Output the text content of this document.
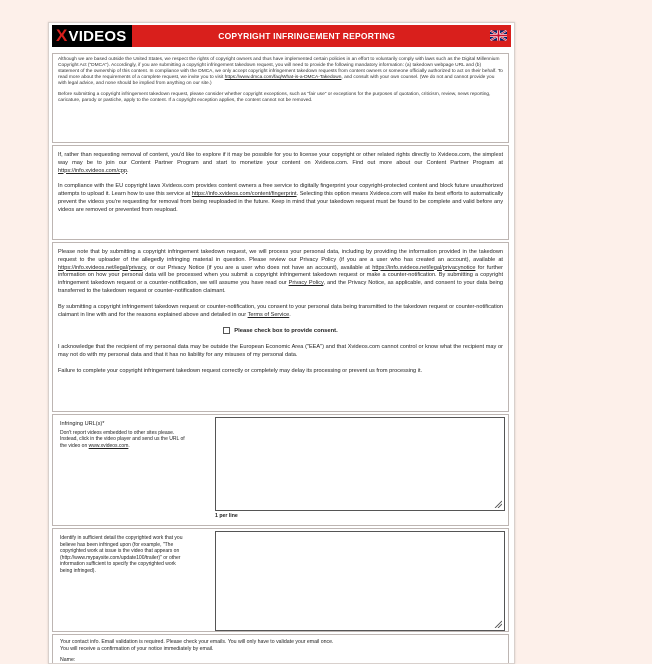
X VIDEOS	COPYRIGHT INFRINGEMENT REPORTING

Although we are based outside the United States, we respect the rights of copyright owners and thus have implemented certain policies in an effort to voluntarily comply with laws such as the Digital Millennium Copyright Act ("DMCA"). Accordingly, if you are submitting a copyright infringement takedown request, you will need to provide the following mandatory information: (a) takedown webpage URL and (b) statement of the ownership of this content. In compliance with the DMCA, we only accept copyright infringement takedown requests from content owners or someone officially authorized to act on their behalf. To read more about the requirements of a complete request, we invite you to visit https://www.dmca.com/faq/What-is-a-DMCA-Takedown, and consult with your own counsel. (We do not and cannot provide you with legal advice, and none should be implied from anything on our site.)

Before submitting a copyright infringement takedown request, please consider whether copyright exceptions, such as "fair use" or exceptions for the purposes of quotation, criticism, review, news reporting, caricature, parody or pastiche, apply to the content. If a copyright exception applies, the content cannot not be removed.

If, rather than requesting removal of content, you'd like to explore if it may be possible for you to license your copyright or other related rights directly to Xvideos.com, the simplest way may be to join our Content Partner Program and start to monetize your content on Xvideos.com. Find out more about our Content Partner Program at https://info.xvideos.com/cpp.

In compliance with the EU copyright laws Xvideos.com provides content owners a free service to digitally fingerprint your copyright-protected content and block future unauthorized attempts to upload it. Learn how to use this service at https://info.xvideos.com/content/fingerprint. Selecting this option means Xvideos.com will make its best efforts to automatically prevent the videos you're requesting for removal from being reuploaded in the future. Keep in mind that your takedown request must be found to be complete and valid before any videos are removed or prevented from reupload.

Please note that by submitting a copyright infringement takedown request, we will process your personal data, including by providing the information provided in the takedown request to the uploader of the allegedly infringing material in question. Please review our Privacy Policy (if you are a user who has created an account), available at https://info.xvideos.net/legal/privacy, or our Privacy Notice (if you are a user who does not have an account), available at https://info.xvideos.net/legal/privacynotice for further information on how your personal data will be processed when you submit a copyright infringement takedown request or make a counter-notification. By submitting a copyright infringement takedown request or a counter-notification, we will assume you have read our Privacy Policy, and the Privacy Notice, as applicable, and consent to your data being transferred to the takedown request or counter-notification claimant.

By submitting a copyright infringement takedown request or counter-notification, you consent to your personal data being transmitted to the takedown request or counter-notification claimant in line with and for the reasons explained above and detailed in our Terms of Service.

Please check box to provide consent.

I acknowledge that the recipient of my personal data may be outside the European Economic Area ("EEA") and that Xvideos.com cannot control or know what the recipient may or may not do with my personal data and that it has no liability for any misuses of my personal data.

Failure to complete your copyright infringement takedown request correctly or completely may delay its processing or prevent us from processing it.

Infringing URL(s)*
Don't report videos embedded to other sites please. Instead, click in the video player and send us the URL of the video on www.xvideos.com.
1 per line
Identify in sufficient detail the copyrighted work that you believe has been infringed upon (for example, "The copyrighted work at issue is the video that appears on (http://www.mypaysite.com/update100/trailer)" or other information sufficient to specify the copyrighted work being infringed).
Your contact info. Email validation is required. Please check your emails. You will only have to validate your email once.
You will receive a confirmation of your notice immediately by email.
Name:
